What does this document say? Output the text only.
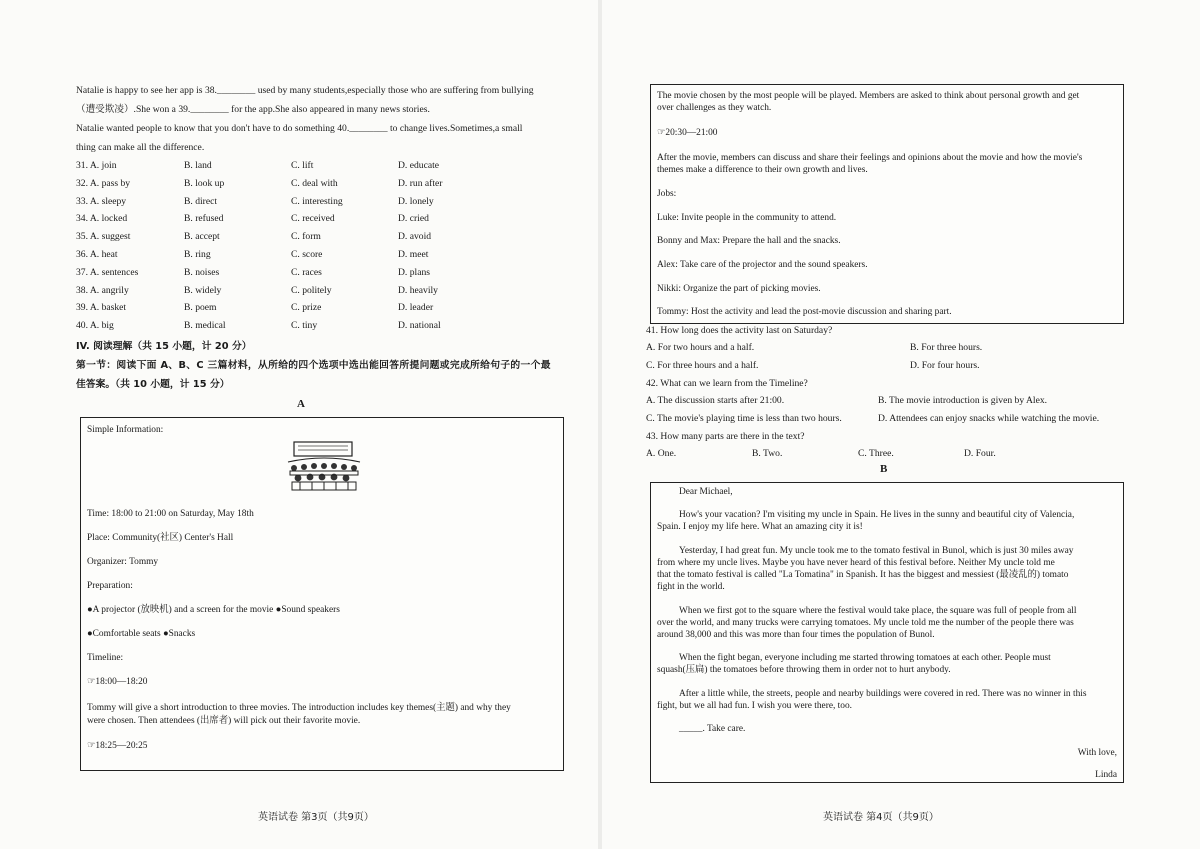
Natalie is happy to see her app is 38.________ used by many students,especially those who are suffering from bullying
（遭受欺凌）.She won a 39.________ for the app.She also appeared in many news stories.
Natalie wanted people to know that you don't have to do something 40.________ to change lives.Sometimes,a small
thing can make all the difference.
31. A. join	B. land	C. lift	D. educate
32. A. pass by	B. look up	C. deal with	D. run after
33. A. sleepy	B. direct	C. interesting	D. lonely
34. A. locked	B. refused	C. received	D. cried
35. A. suggest	B. accept	C. form	D. avoid
36. A. heat	B. ring	C. score	D. meet
37. A. sentences	B. noises	C. races	D. plans
38. A. angrily	B. widely	C. politely	D. heavily
39. A. basket	B. poem	C. prize	D. leader
40. A. big	B. medical	C. tiny	D. national
IV. 阅读理解（共 15 小题，计 20 分）
第一节：阅读下面 A、B、C 三篇材料，从所给的四个选项中选出能回答所提问题或完成所给句子的一个最
佳答案。（共 10 小题，计 15 分）
A
Simple Information:
Time: 18:00 to 21:00 on Saturday, May 18th
Place: Community(社区) Center's Hall
Organizer: Tommy
Preparation:
●A projector (放映机) and a screen for the movie ●Sound speakers
●Comfortable seats ●Snacks
Timeline:
☞18:00—18:20
Tommy will give a short introduction to three movies. The introduction includes key themes(主题) and why they
were chosen. Then attendees (出席者) will pick out their favorite movie.
☞18:25—20:25
英语试卷 第3页（共9页）
The movie chosen by the most people will be played. Members are asked to think about personal growth and get
over challenges as they watch.
☞20:30—21:00
After the movie, members can discuss and share their feelings and opinions about the movie and how the movie's
themes make a difference to their own growth and lives.
Jobs:
Luke: Invite people in the community to attend.
Bonny and Max: Prepare the hall and the snacks.
Alex: Take care of the projector and the sound speakers.
Nikki: Organize the part of picking movies.
Tommy: Host the activity and lead the post-movie discussion and sharing part.
41. How long does the activity last on Saturday?
A. For two hours and a half.	B. For three hours.
C. For three hours and a half.	D. For four hours.
42. What can we learn from the Timeline?
A. The discussion starts after 21:00.	B. The movie introduction is given by Alex.
C. The movie's playing time is less than two hours.	D. Attendees can enjoy snacks while watching the movie.
43. How many parts are there in the text?
A. One.	B. Two.	C. Three.	D. Four.
B
Dear Michael,
How's your vacation? I'm visiting my uncle in Spain. He lives in the sunny and beautiful city of Valencia,
Spain. I enjoy my life here. What an amazing city it is!
Yesterday, I had great fun. My uncle took me to the tomato festival in Bunol, which is just 30 miles away
from where my uncle lives. Maybe you have never heard of this festival before. Neither My uncle told me
that the tomato festival is called "La Tomatina" in Spanish. It has the biggest and messiest (最凌乱的) tomato
fight in the world.
When we first got to the square where the festival would take place, the square was full of people from all
over the world, and many trucks were carrying tomatoes. My uncle told me the number of the people there was
around 38,000 and this was more than four times the population of Bunol.
When the fight began, everyone including me started throwing tomatoes at each other. People must
squash(压扁) the tomatoes before throwing them in order not to hurt anybody.
After a little while, the streets, people and nearby buildings were covered in red. There was no winner in this
fight, but we all had fun. I wish you were there, too.
_____. Take care.
With love,
Linda
英语试卷 第4页（共9页）
